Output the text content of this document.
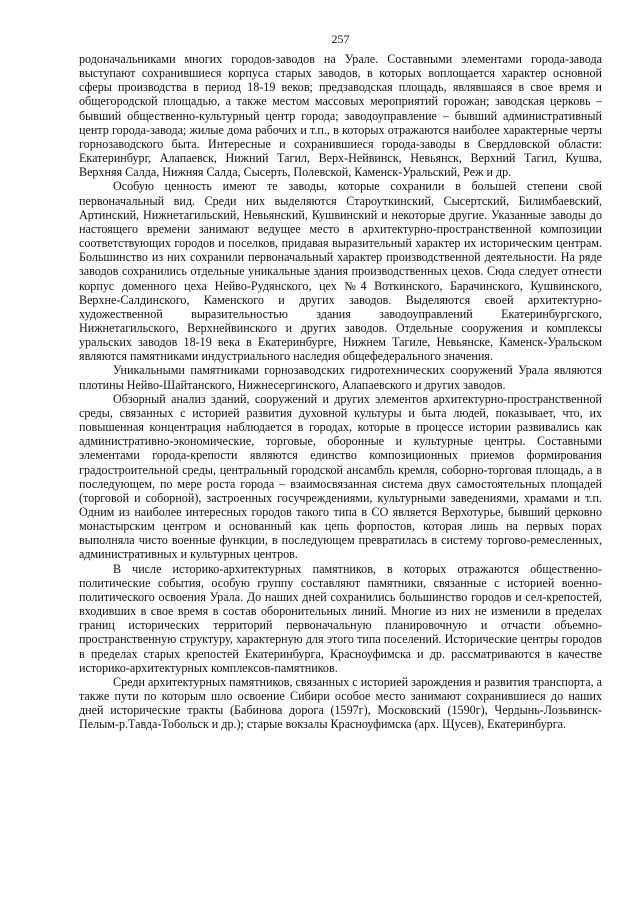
257

родоначальниками многих городов-заводов на Урале. Составными элементами города-завода выступают сохранившиеся корпуса старых заводов, в которых воплощается характер основной сферы производства в период 18-19 веков; предзаводская площадь, являвшаяся в свое время и общегородской площадью, а также местом массовых мероприятий горожан; заводская церковь – бывший общественно-культурный центр города; заводоуправление – бывший административный центр города-завода; жилые дома рабочих и т.п., в которых отражаются наиболее характерные черты горнозаводского быта. Интересные и сохранившиеся города-заводы в Свердловской области: Екатеринбург, Алапаевск, Нижний Тагил, Верх-Нейвинск, Невьянск, Верхний Тагил, Кушва, Верхняя Салда, Нижняя Салда, Сысерть, Полевской, Каменск-Уральский, Реж и др.

Особую ценность имеют те заводы, которые сохранили в большей степени свой первоначальный вид. Среди них выделяются Староуткинский, Сысертский, Билимбаевский, Артинский, Нижнетагильский, Невьянский, Кушвинский и некоторые другие. Указанные заводы до настоящего времени занимают ведущее место в архитектурно-пространственной композиции соответствующих городов и поселков, придавая выразительный характер их историческим центрам. Большинство из них сохранили первоначальный характер производственной деятельности. На ряде заводов сохранились отдельные уникальные здания производственных цехов. Сюда следует отнести корпус доменного цеха Нейво-Рудянского, цех №4 Воткинского, Барачинского, Кушвинского, Верхне-Салдинского, Каменского и других заводов. Выделяются своей архитектурно-художественной выразительностью здания заводоуправлений Екатеринбургского, Нижнетагильского, Верхнейвинского и других заводов. Отдельные сооружения и комплексы уральских заводов 18-19 века в Екатеринбурге, Нижнем Тагиле, Невьянске, Каменск-Уральском являются памятниками индустриального наследия общефедерального значения.

Уникальными памятниками горнозаводских гидротехнических сооружений Урала являются плотины Нейво-Шайтанского, Нижнесергинского, Алапаевского и других заводов.

Обзорный анализ зданий, сооружений и других элементов архитектурно-пространственной среды, связанных с историей развития духовной культуры и быта людей, показывает, что, их повышенная концентрация наблюдается в городах, которые в процессе истории развивались как административно-экономические, торговые, оборонные и культурные центры. Составными элементами города-крепости являются единство композиционных приемов формирования градостроительной среды, центральный городской ансамбль кремля, соборно-торговая площадь, а в последующем, по мере роста города – взаимосвязанная система двух самостоятельных площадей (торговой и соборной), застроенных госучреждениями, культурными заведениями, храмами и т.п. Одним из наиболее интересных городов такого типа в СО является Верхотурье, бывший церковно монастырским центром и основанный как цепь форпостов, которая лишь на первых порах выполняла чисто военные функции, в последующем превратилась в систему торгово-ремесленных, административных и культурных центров.

В числе историко-архитектурных памятников, в которых отражаются общественно-политические события, особую группу составляют памятники, связанные с историей военно-политического освоения Урала. До наших дней сохранились большинство городов и сел-крепостей, входивших в свое время в состав оборонительных линий. Многие из них не изменили в пределах границ исторических территорий первоначальную планировочную и отчасти объемно-пространственную структуру, характерную для этого типа поселений. Исторические центры городов в пределах старых крепостей Екатеринбурга, Красноуфимска и др. рассматриваются в качестве историко-архитектурных комплексов-памятников.

Среди архитектурных памятников, связанных с историей зарождения и развития транспорта, а также пути по которым шло освоение Сибири особое место занимают сохранившиеся до наших дней исторические тракты (Бабинова дорога (1597г), Московский (1590г), Чердынь-Лозьвинск-Пелым-р.Тавда-Тобольск и др.); старые вокзалы Красноуфимска (арх. Щусев), Екатеринбурга.
